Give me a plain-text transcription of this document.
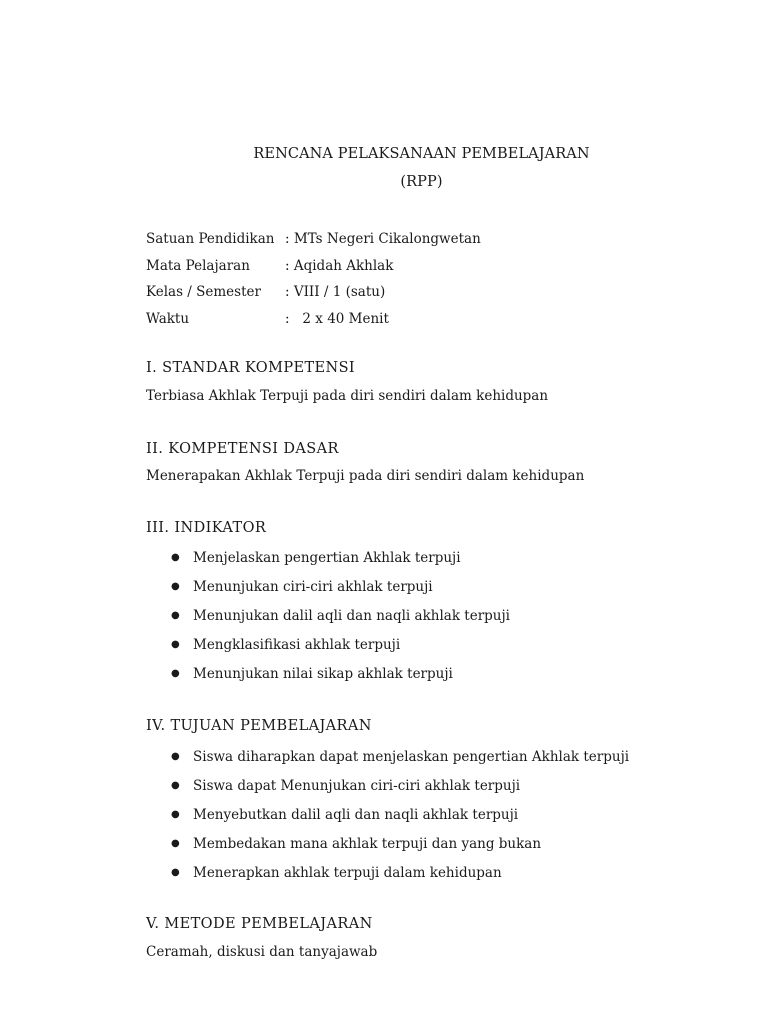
RENCANA PELAKSANAAN PEMBELAJARAN
(RPP)
Satuan Pendidikan : MTs Negeri Cikalongwetan
Mata Pelajaran	: Aqidah Akhlak
Kelas / Semester	: VIII / 1 (satu)
Waktu	:   2 x 40 Menit
I. STANDAR KOMPETENSI
Terbiasa Akhlak Terpuji pada diri sendiri dalam kehidupan
II. KOMPETENSI DASAR
Menerapakan Akhlak Terpuji pada diri sendiri dalam kehidupan
III. INDIKATOR
● Menjelaskan pengertian Akhlak terpuji
● Menunjukan ciri-ciri akhlak terpuji
● Menunjukan dalil aqli dan naqli akhlak terpuji
● Mengklasifikasi akhlak terpuji
● Menunjukan nilai sikap akhlak terpuji
IV. TUJUAN PEMBELAJARAN
● Siswa diharapkan dapat menjelaskan pengertian Akhlak terpuji
● Siswa dapat Menunjukan ciri-ciri akhlak terpuji
● Menyebutkan dalil aqli dan naqli akhlak terpuji
● Membedakan mana akhlak terpuji dan yang bukan
● Menerapkan akhlak terpuji dalam kehidupan
V. METODE PEMBELAJARAN
Ceramah, diskusi dan tanyajawab
